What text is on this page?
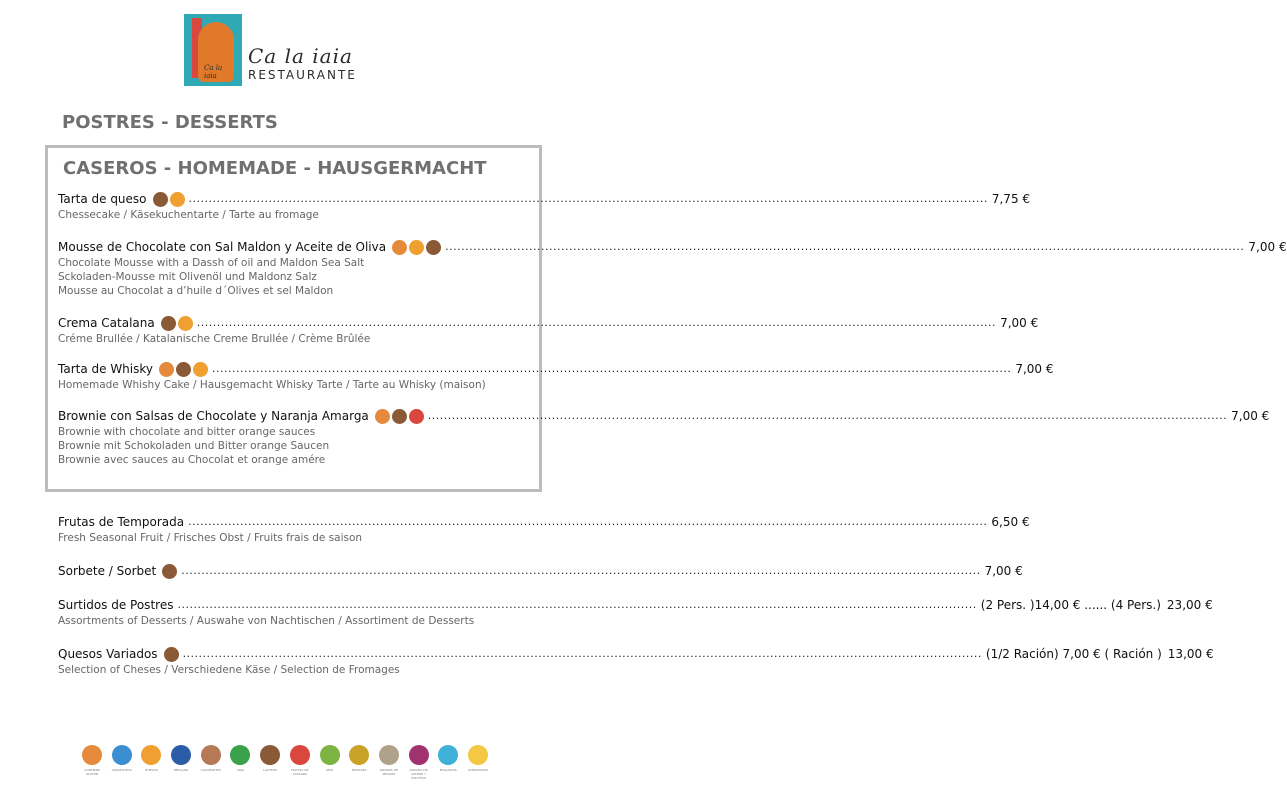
Ca la
iaia
Ca la iaia
RESTAURANTE
POSTRES - DESSERTS
CASEROS - HOMEMADE - HAUSGERMACHT
Tarta de queso	........................................................................................................................................................................................................ 7,75 €
Chessecake / Käsekuchentarte / Tarte au fromage
Mousse de Chocolate con Sal Maldon y Aceite de Oliva	........................................................................................................................................................................................................ 7,00 €
Chocolate Mousse with a Dassh of oil and Maldon Sea Salt
Sckoladen-Mousse mit Olivenöl und Maldonz Salz
Mousse au Chocolat a d’huile d´Olives et sel Maldon
Crema Catalana	........................................................................................................................................................................................................ 7,00 €
Créme Brullée / Katalanische Creme Brullée / Crème Brûlée
Tarta de Whisky	........................................................................................................................................................................................................ 7,00 €
Homemade Whishy Cake / Hausgemacht Whisky Tarte / Tarte au Whisky (maison)
Brownie con Salsas de Chocolate y Naranja Amarga	........................................................................................................................................................................................................ 7,00 €
Brownie with chocolate and bitter orange sauces
Brownie mit Schokoladen und Bitter orange Saucen
Brownie avec sauces au Chocolat et orange amére
Frutas de Temporada ........................................................................................................................................................................................................ 6,50 €
Fresh Seasonal Fruit / Frisches Obst / Fruits frais de saison
Sorbete / Sorbet ........................................................................................................................................................................................................ 7,00 €
Surtidos de Postres ........................................................................................................................................................................................................ (2 Pers. )14,00 € ...... (4 Pers.) 23,00 €
Assortments of Desserts / Auswahe von Nachtischen / Assortiment de Desserts
Quesos Variados ........................................................................................................................................................................................................ (1/2 Ración) 7,00 € ( Ración ) 13,00 €
Selection of Cheses / Verschiedene Käse / Selection de Fromages
CONTIENE GLUTEN
CRUSTÁCEOS	HUEVOS	PESCADO	CACAHUETES	SOJA	LÁCTEOS	FRUTOS DE CÁSCARA
APIO	MOSTAZA	GRANOS DE SÉSAMO
DIÓXIDO DE AZUFRE Y SULFITOS
MOLUSCOS	ALTRAMUCES
